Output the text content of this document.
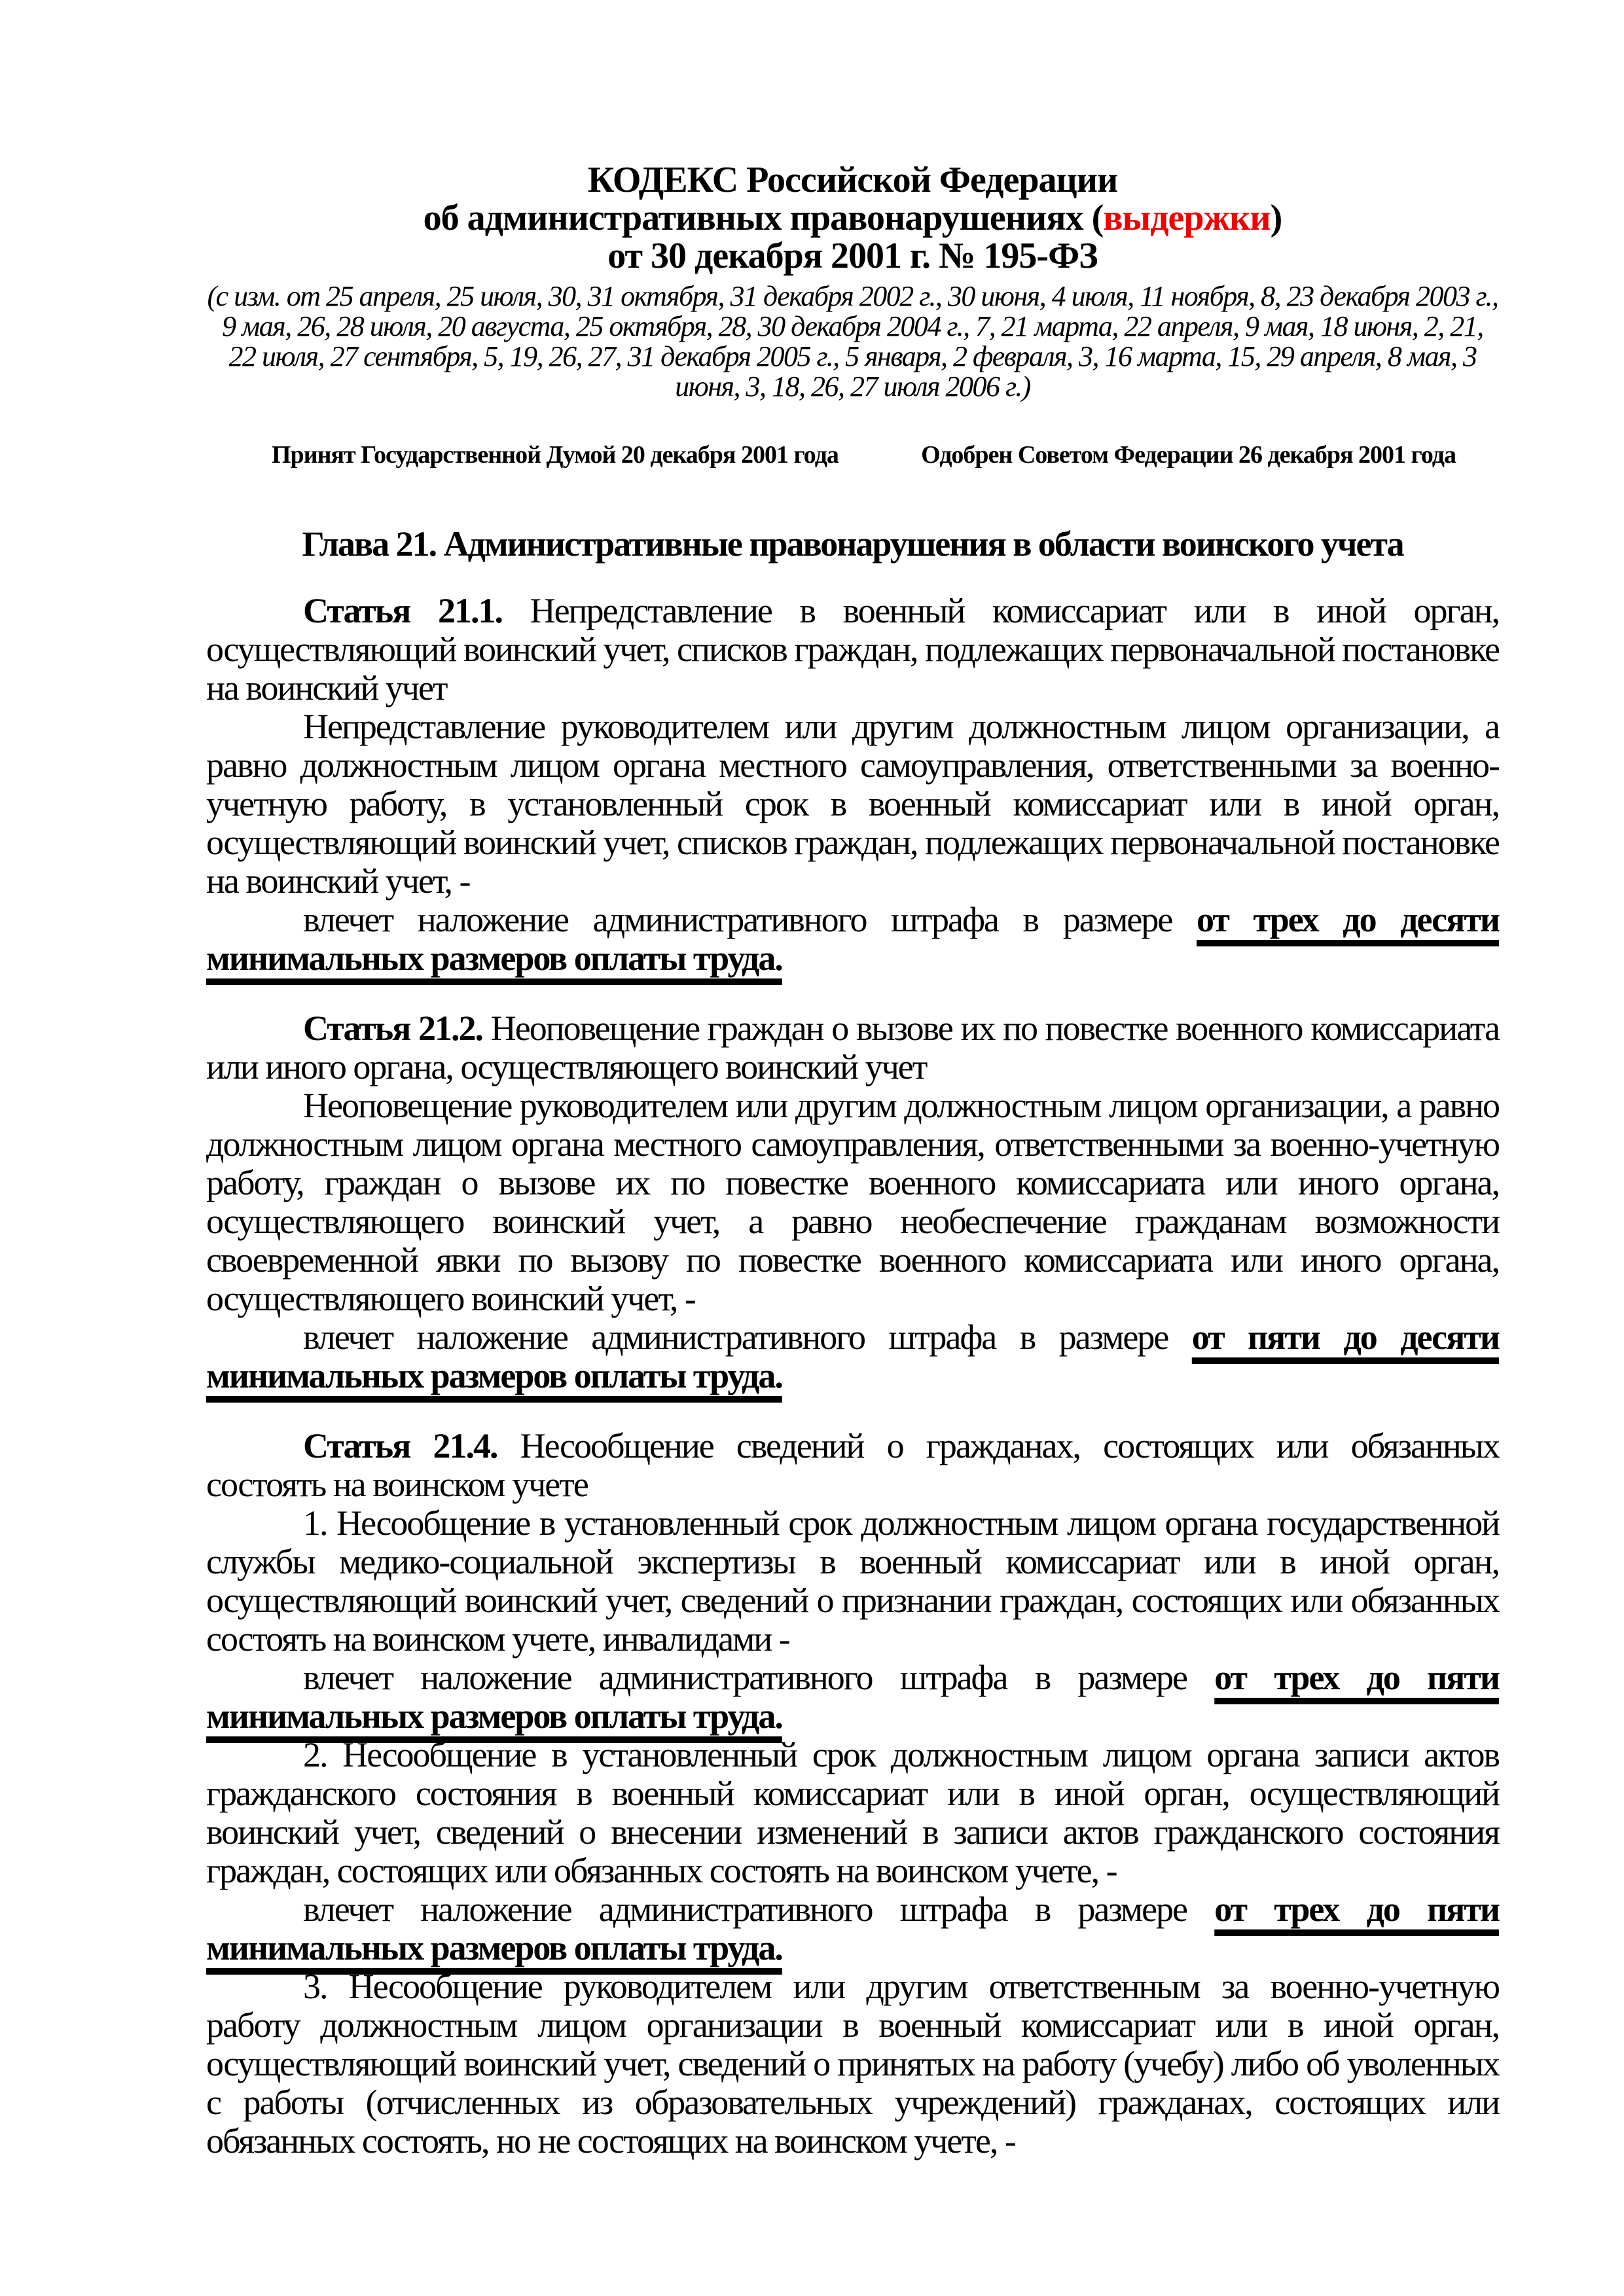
КОДЕКС Российской Федерации
об административных правонарушениях (выдержки)
от 30 декабря 2001 г. № 195-ФЗ

(с изм. от 25 апреля, 25 июля, 30, 31 октября, 31 декабря 2002 г., 30 июня, 4 июля, 11 ноября, 8, 23 декабря 2003 г., 9 мая, 26, 28 июля, 20 августа, 25 октября, 28, 30 декабря 2004 г., 7, 21 марта, 22 апреля, 9 мая, 18 июня, 2, 21, 22 июля, 27 сентября, 5, 19, 26, 27, 31 декабря 2005 г., 5 января, 2 февраля, 3, 16 марта, 15, 29 апреля, 8 мая, 3 июня, 3, 18, 26, 27 июля 2006 г.)

Принят Государственной Думой 20 декабря 2001 года	Одобрен Советом Федерации 26 декабря 2001 года
Глава 21. Административные правонарушения в области воинского учета

Статья 21.1. Непредставление в военный комиссариат или в иной орган, осуществляющий воинский учет, списков граждан, подлежащих первоначальной постановке на воинский учет

Непредставление руководителем или другим должностным лицом организации, а равно должностным лицом органа местного самоуправления, ответственными за военно-учетную работу, в установленный срок в военный комиссариат или в иной орган, осуществляющий воинский учет, списков граждан, подлежащих первоначальной постановке на воинский учет, -

влечет наложение административного штрафа в размере от трех до десяти минимальных размеров оплаты труда.

Статья 21.2. Неоповещение граждан о вызове их по повестке военного комиссариата или иного органа, осуществляющего воинский учет

Неоповещение руководителем или другим должностным лицом организации, а равно должностным лицом органа местного самоуправления, ответственными за военно-учетную работу, граждан о вызове их по повестке военного комиссариата или иного органа, осуществляющего воинский учет, а равно необеспечение гражданам возможности своевременной явки по вызову по повестке военного комиссариата или иного органа, осуществляющего воинский учет, -

влечет наложение административного штрафа в размере от пяти до десяти минимальных размеров оплаты труда.

Статья 21.4. Несообщение сведений о гражданах, состоящих или обязанных состоять на воинском учете

1. Несообщение в установленный срок должностным лицом органа государственной службы медико-социальной экспертизы в военный комиссариат или в иной орган, осуществляющий воинский учет, сведений о признании граждан, состоящих или обязанных состоять на воинском учете, инвалидами -

влечет наложение административного штрафа в размере от трех до пяти минимальных размеров оплаты труда.

2. Несообщение в установленный срок должностным лицом органа записи актов гражданского состояния в военный комиссариат или в иной орган, осуществляющий воинский учет, сведений о внесении изменений в записи актов гражданского состояния граждан, состоящих или обязанных состоять на воинском учете, -

влечет наложение административного штрафа в размере от трех до пяти минимальных размеров оплаты труда.

3. Несообщение руководителем или другим ответственным за военно-учетную работу должностным лицом организации в военный комиссариат или в иной орган, осуществляющий воинский учет, сведений о принятых на работу (учебу) либо об уволенных с работы (отчисленных из образовательных учреждений) гражданах, состоящих или обязанных состоять, но не состоящих на воинском учете, -
